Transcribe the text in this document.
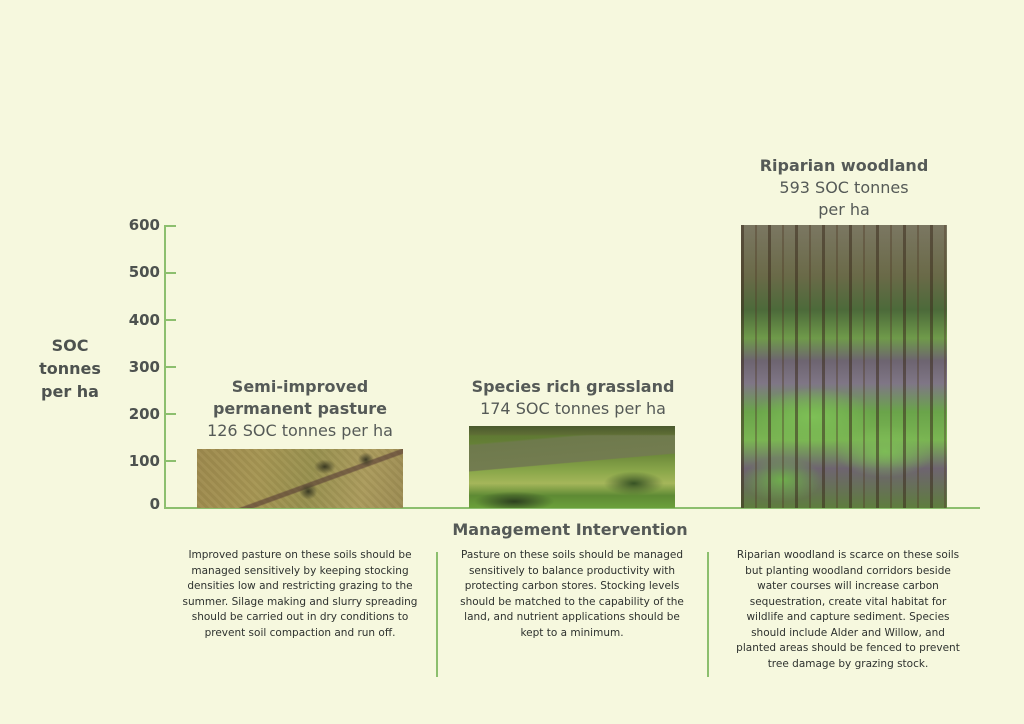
SOC
tonnes
per ha
600
500
400
300
200
100
0
Semi-improved
permanent pasture
126 SOC tonnes per ha
Species rich grassland
174 SOC tonnes per ha
Riparian woodland
593 SOC tonnes
per ha
Management Intervention
Improved pasture on these soils should be managed sensitively by keeping stocking densities low and restricting grazing to the summer. Silage making and slurry spreading should be carried out in dry conditions to prevent soil compaction and run off.
Pasture on these soils should be managed sensitively to balance productivity with protecting carbon stores. Stocking levels should be matched to the capability of the land, and nutrient applications should be kept to a minimum.
Riparian woodland is scarce on these soils but planting woodland corridors beside water courses will increase carbon sequestration, create vital habitat for wildlife and capture sediment. Species should include Alder and Willow, and planted areas should be fenced to prevent tree damage by grazing stock.
